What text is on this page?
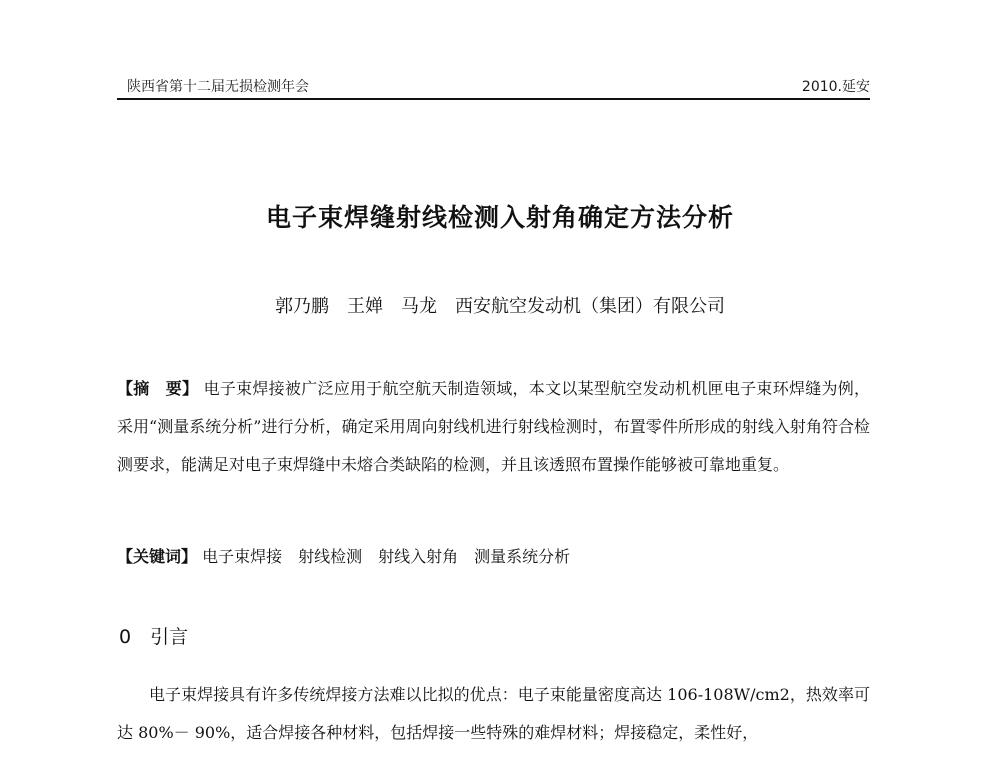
陕西省第十二届无损检测年会	2010.延安
电子束焊缝射线检测入射角确定方法分析
郭乃鹏　王婵　马龙　西安航空发动机（集团）有限公司

【摘　要】 电子束焊接被广泛应用于航空航天制造领域，本文以某型航空发动机机匣电子束环焊缝为例，采用“测量系统分析”进行分析，确定采用周向射线机进行射线检测时，布置零件所形成的射线入射角符合检测要求，能满足对电子束焊缝中未熔合类缺陷的检测，并且该透照布置操作能够被可靠地重复。

【关键词】 电子束焊接　射线检测　射线入射角　测量系统分析

0　引言

电子束焊接具有许多传统焊接方法难以比拟的优点：电子束能量密度高达 106-108W/cm2，热效率可达 80%－ 90%，适合焊接各种材料，包括焊接一些特殊的难焊材料；焊接稳定，柔性好，
